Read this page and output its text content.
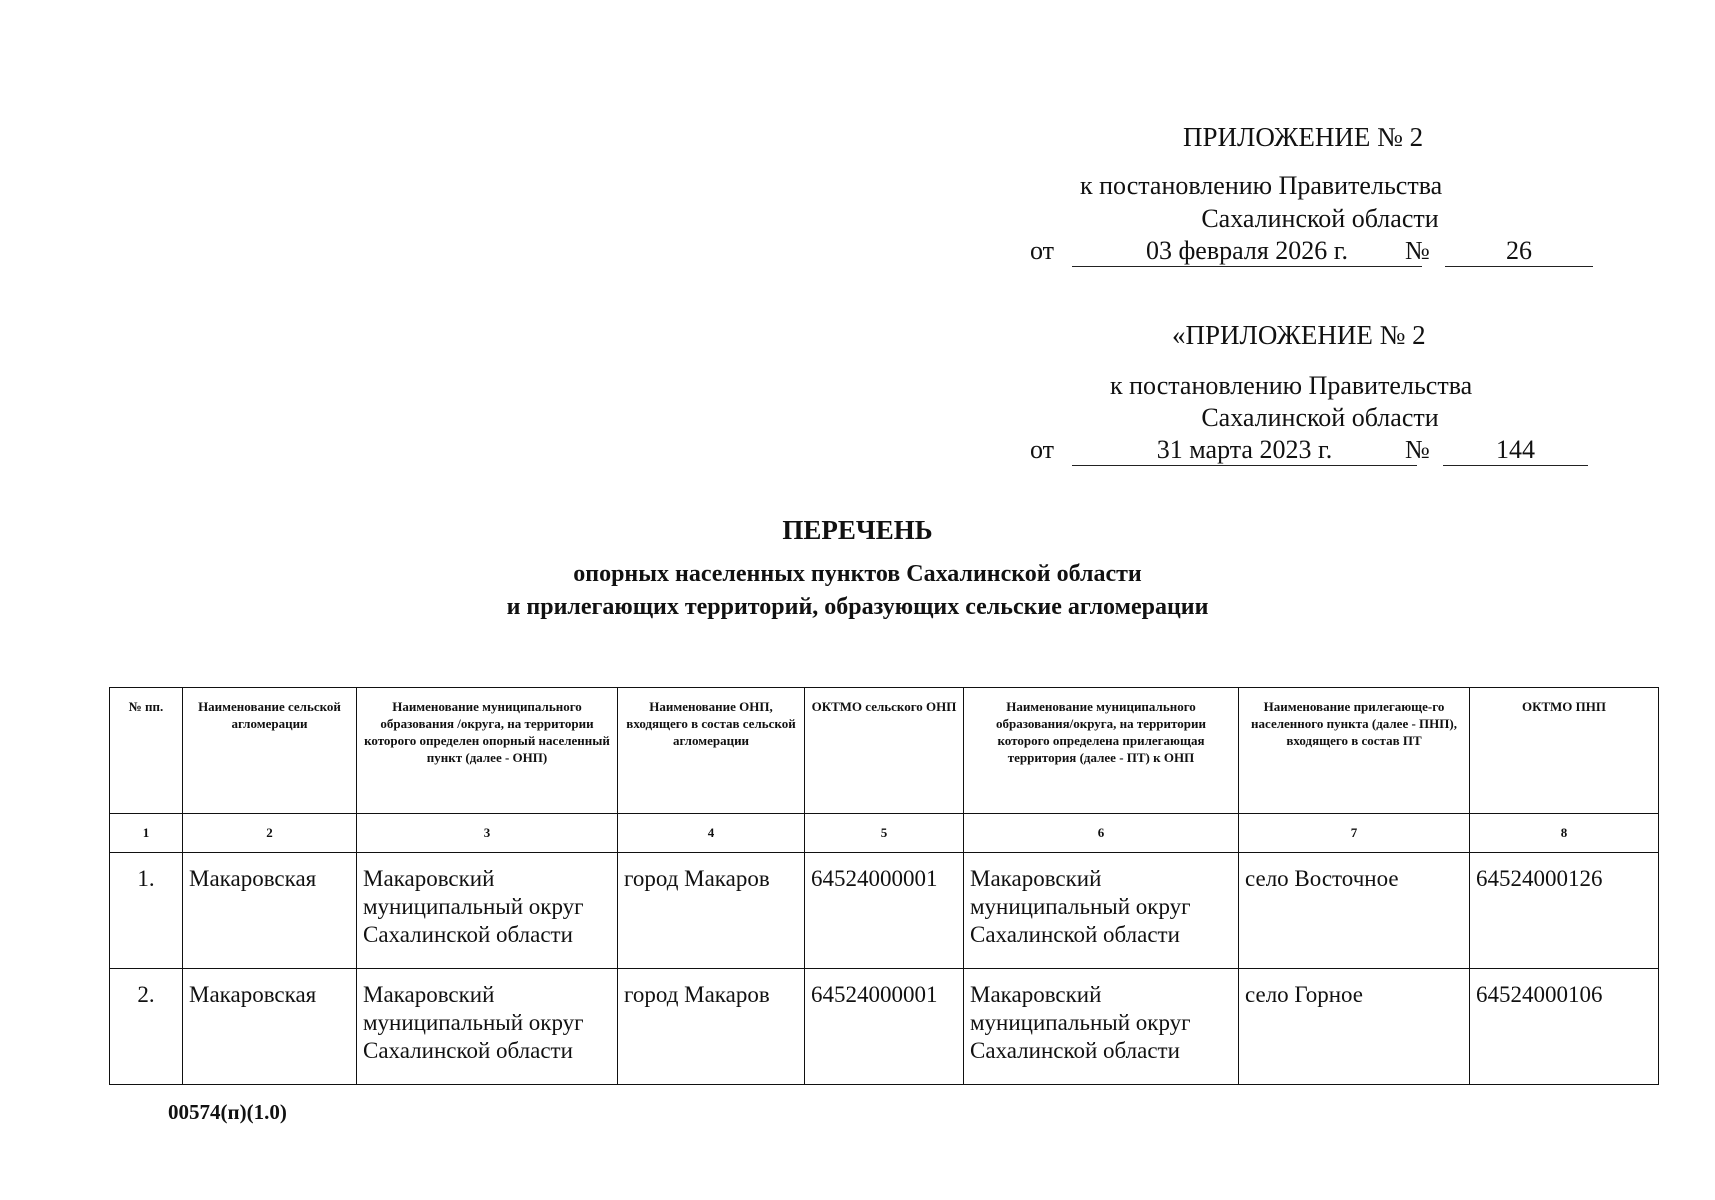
ПРИЛОЖЕНИЕ № 2
к постановлению Правительства
Сахалинской области
от	03 февраля 2026 г.	№	26
«ПРИЛОЖЕНИЕ № 2
к постановлению Правительства
Сахалинской области
от	31 марта 2023 г.	№	144
ПЕРЕЧЕНЬ
опорных населенных пунктов Сахалинской области
и прилегающих территорий, образующих сельские агломерации
№ пп.	Наименование сельской агломерации	Наименование муниципального образования /округа, на территории которого определен опорный населенный пункт (далее - ОНП)	Наименование ОНП, входящего в состав сельской агломерации	ОКТМО сельского ОНП	Наименование муниципального образования/округа, на территории которого определена прилегающая территория (далее - ПТ) к ОНП	Наименование прилегающе-го населенного пункта (далее - ПНП), входящего в состав ПТ	ОКТМО ПНП
1	2	3	4	5	6	7	8
1.	Макаровская	Макаровский муниципальный округ Сахалинской области	город Макаров	64524000001	Макаровский муниципальный округ Сахалинской области	село Восточное	64524000126
2.	Макаровская	Макаровский муниципальный округ Сахалинской области	город Макаров	64524000001	Макаровский муниципальный округ Сахалинской области	село Горное	64524000106
00574(п)(1.0)
